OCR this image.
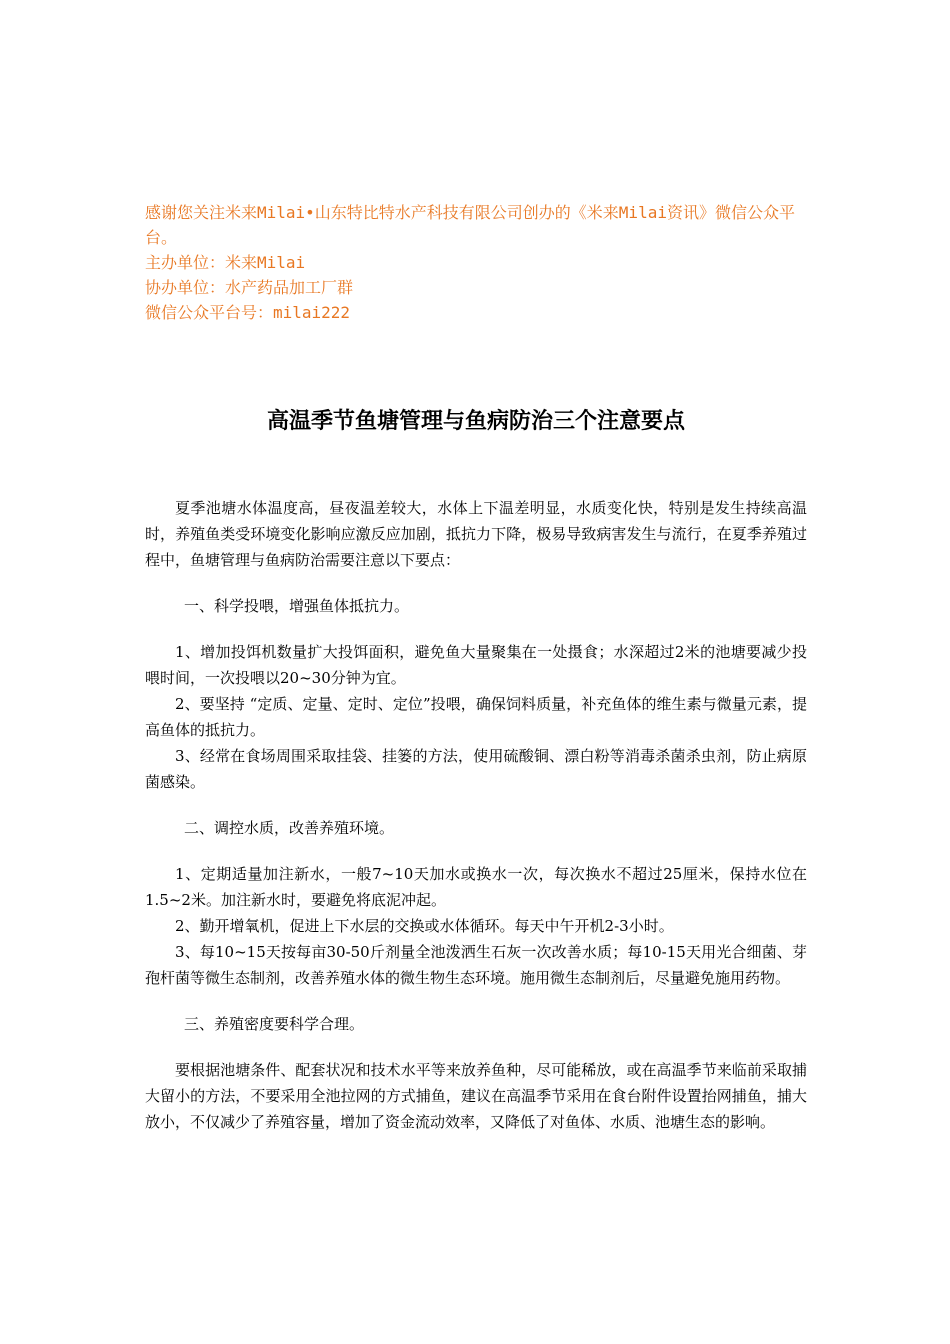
感谢您关注米来Milai•山东特比特水产科技有限公司创办的《米来Milai资讯》微信公众平台。
主办单位：米来Milai
协办单位：水产药品加工厂群
微信公众平台号：milai222
高温季节鱼塘管理与鱼病防治三个注意要点

夏季池塘水体温度高，昼夜温差较大，水体上下温差明显，水质变化快，特别是发生持续高温时，养殖鱼类受环境变化影响应激反应加剧，抵抗力下降，极易导致病害发生与流行，在夏季养殖过程中，鱼塘管理与鱼病防治需要注意以下要点：

一、科学投喂，增强鱼体抵抗力。

1、增加投饵机数量扩大投饵面积，避免鱼大量聚集在一处摄食；水深超过2米的池塘要减少投喂时间，一次投喂以20~30分钟为宜。

2、要坚持 “定质、定量、定时、定位”投喂，确保饲料质量，补充鱼体的维生素与微量元素，提高鱼体的抵抗力。

3、经常在食场周围采取挂袋、挂篓的方法，使用硫酸铜、漂白粉等消毒杀菌杀虫剂，防止病原菌感染。

二、调控水质，改善养殖环境。

1、定期适量加注新水，一般7~10天加水或换水一次，每次换水不超过25厘米，保持水位在1.5~2米。加注新水时，要避免将底泥冲起。

2、勤开增氧机，促进上下水层的交换或水体循环。每天中午开机2-3小时。

3、每10~15天按每亩30-50斤剂量全池泼洒生石灰一次改善水质；每10-15天用光合细菌、芽孢杆菌等微生态制剂，改善养殖水体的微生物生态环境。施用微生态制剂后，尽量避免施用药物。

三、养殖密度要科学合理。

要根据池塘条件、配套状况和技术水平等来放养鱼种，尽可能稀放，或在高温季节来临前采取捕大留小的方法，不要采用全池拉网的方式捕鱼，建议在高温季节采用在食台附件设置抬网捕鱼，捕大放小，不仅减少了养殖容量，增加了资金流动效率，又降低了对鱼体、水质、池塘生态的影响。
